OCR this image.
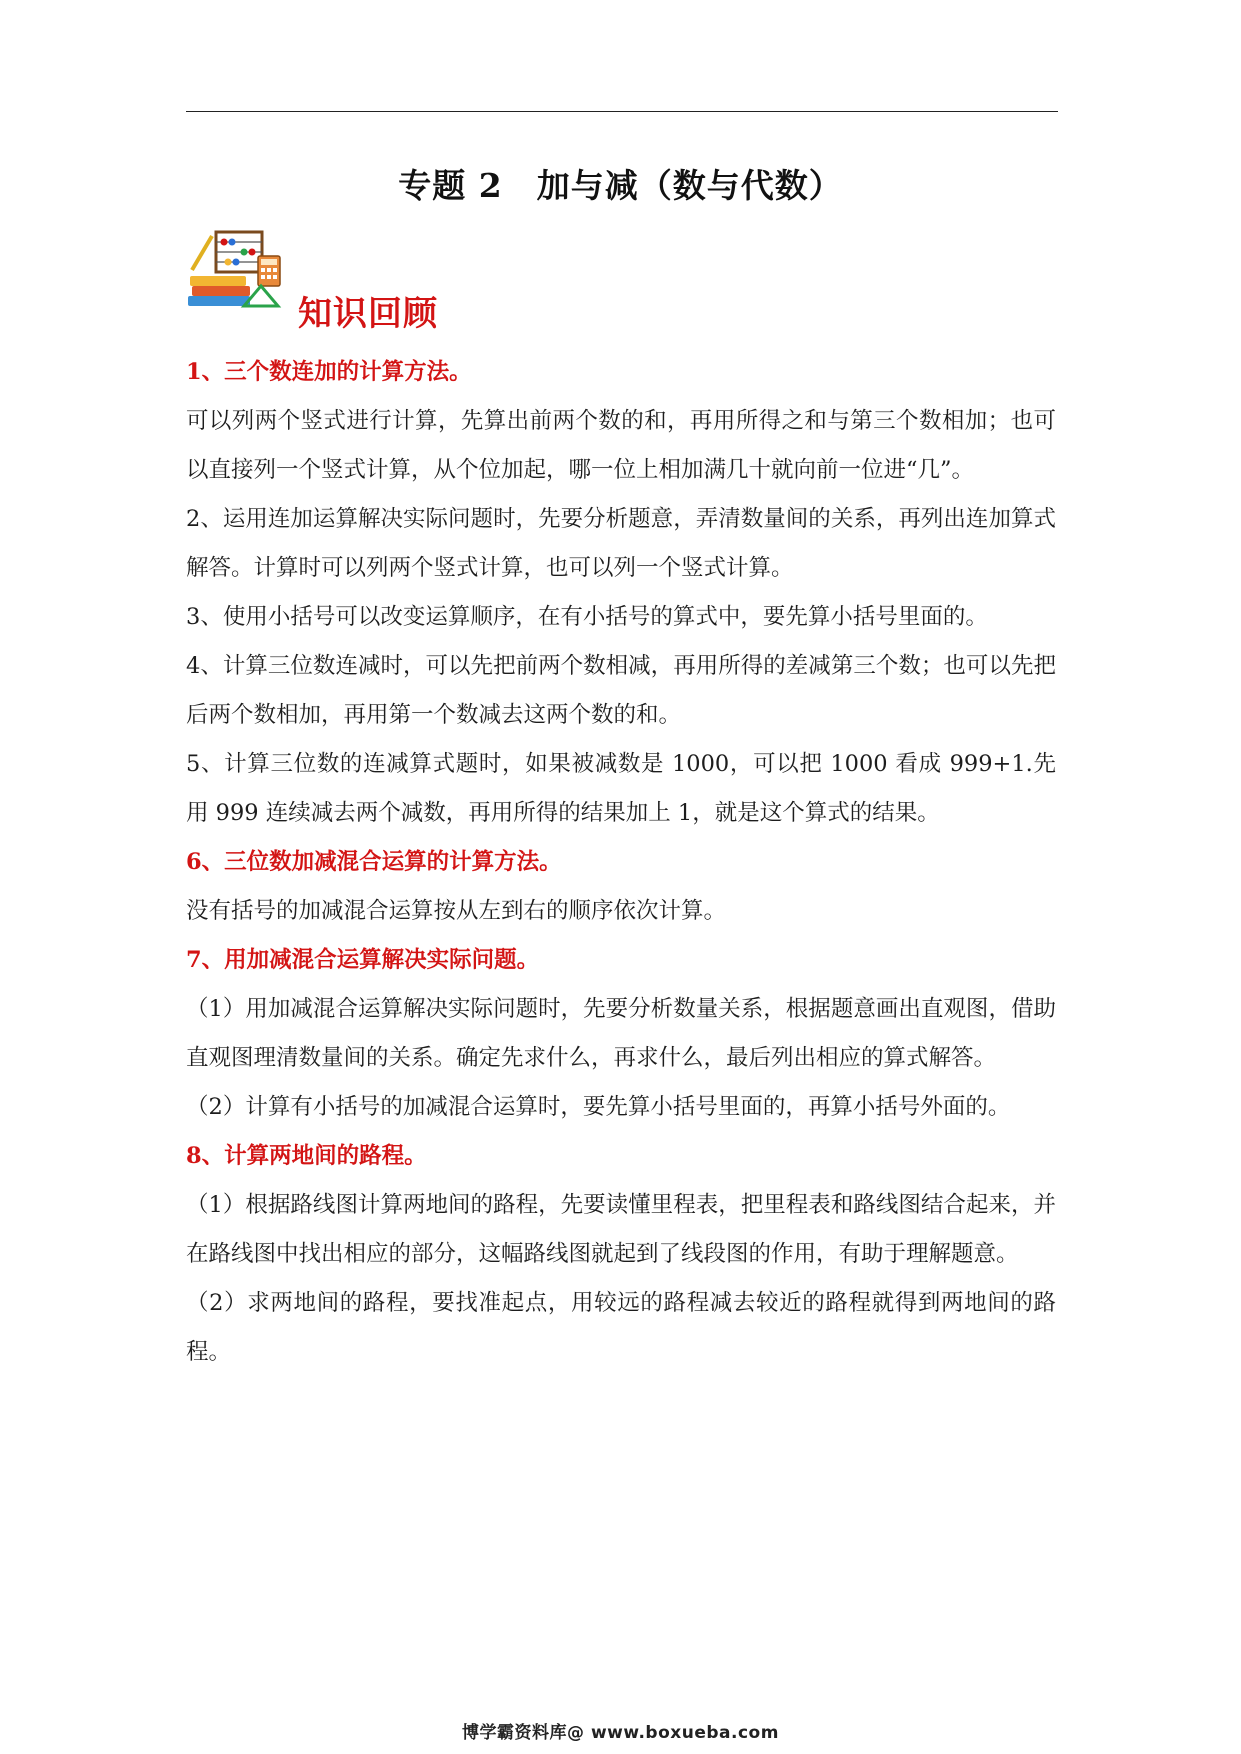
专题 2　加与减（数与代数）
知识回顾

1、三个数连加的计算方法。

可以列两个竖式进行计算，先算出前两个数的和，再用所得之和与第三个数相加；也可以直接列一个竖式计算，从个位加起，哪一位上相加满几十就向前一位进“几”。

2、运用连加运算解决实际问题时，先要分析题意，弄清数量间的关系，再列出连加算式解答。计算时可以列两个竖式计算，也可以列一个竖式计算。

3、使用小括号可以改变运算顺序，在有小括号的算式中，要先算小括号里面的。

4、计算三位数连减时，可以先把前两个数相减，再用所得的差减第三个数；也可以先把后两个数相加，再用第一个数减去这两个数的和。

5、计算三位数的连减算式题时，如果被减数是 1000，可以把 1000 看成 999+1.先用 999 连续减去两个减数，再用所得的结果加上 1，就是这个算式的结果。

6、三位数加减混合运算的计算方法。

没有括号的加减混合运算按从左到右的顺序依次计算。

7、用加减混合运算解决实际问题。

（1）用加减混合运算解决实际问题时，先要分析数量关系，根据题意画出直观图，借助直观图理清数量间的关系。确定先求什么，再求什么，最后列出相应的算式解答。

（2）计算有小括号的加减混合运算时，要先算小括号里面的，再算小括号外面的。

8、计算两地间的路程。

（1）根据路线图计算两地间的路程，先要读懂里程表，把里程表和路线图结合起来，并在路线图中找出相应的部分，这幅路线图就起到了线段图的作用，有助于理解题意。

（2）求两地间的路程，要找准起点，用较远的路程减去较近的路程就得到两地间的路程。

博学霸资料库@ www.boxueba.com
